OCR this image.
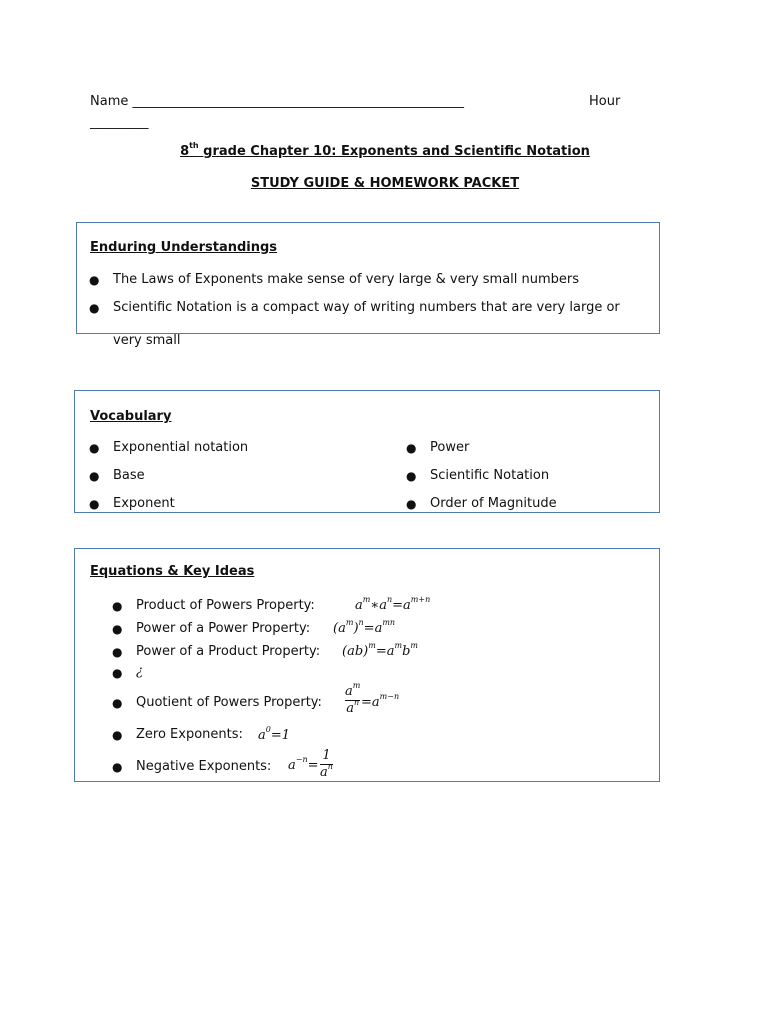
Name ___________________________________________________	Hour
_________
8th grade Chapter 10: Exponents and Scientific Notation
STUDY GUIDE & HOMEWORK PACKET
Enduring Understandings
● The Laws of Exponents make sense of very large & very small numbers
● Scientific Notation is a compact way of writing numbers that are very large or
very small
Vocabulary
● Exponential notation
● Base
● Exponent
● Power
● Scientific Notation
● Order of Magnitude
Equations & Key Ideas
● Product of Powers Property:	$a^m∗a^n=a^{m+n}$
● Power of a Power Property: $(a^m)^n=a^{mn}$
● Power of a Product Property: $(ab)^m=a^mb^m$
● ¿
● Quotient of Powers Property:
$a^m$
$a^n =a^{m-n}$
● Zero Exponents: $a^0=1$
● Negative Exponents: $a^{-n}=$
1
$a^n$
